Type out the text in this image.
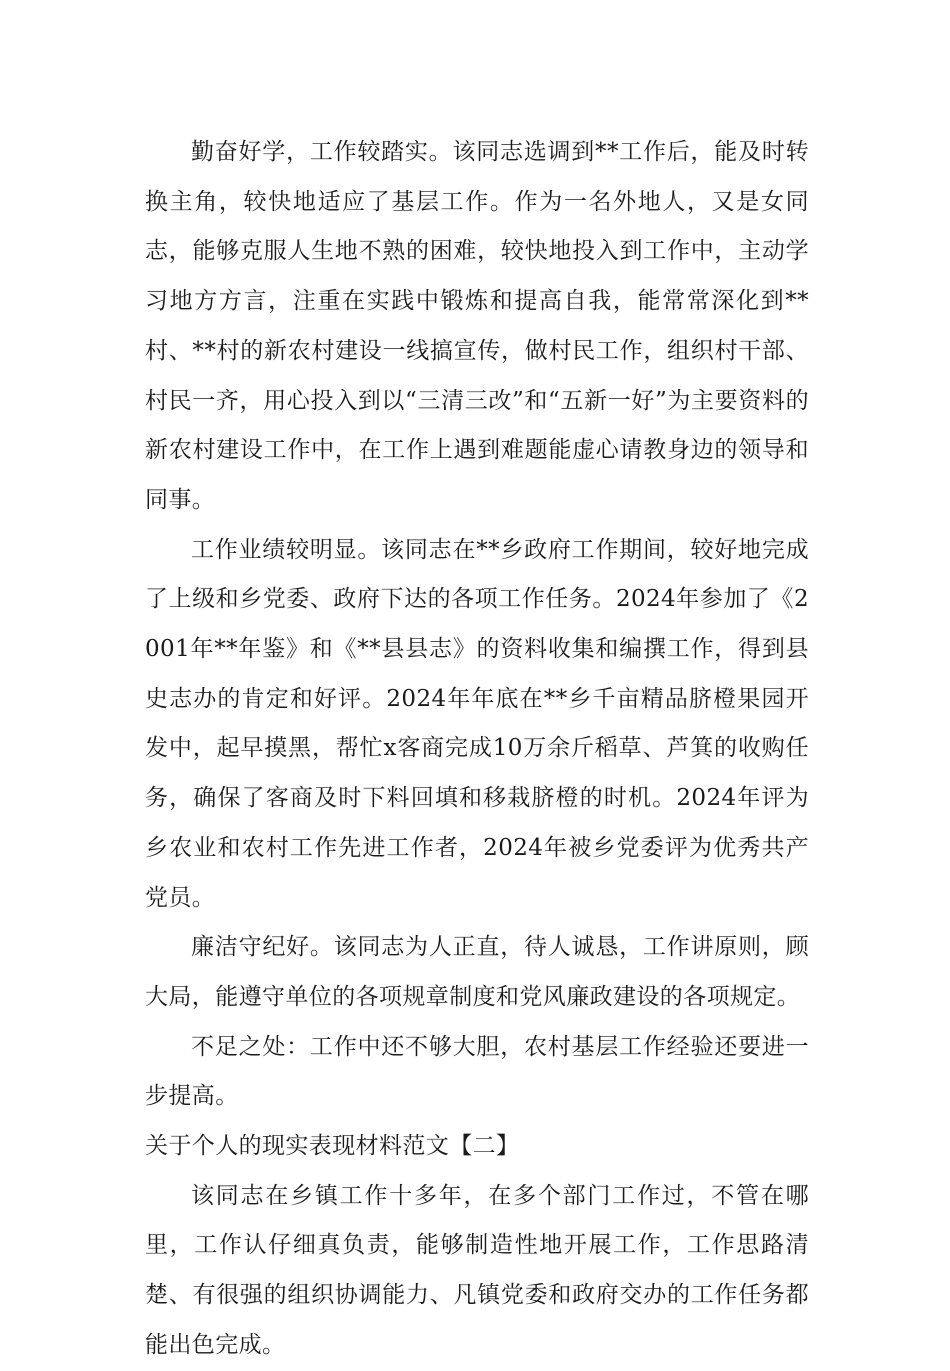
勤奋好学，工作较踏实。该同志选调到**工作后，能及时转换主角，较快地适应了基层工作。作为一名外地人，又是女同志，能够克服人生地不熟的困难，较快地投入到工作中，主动学习地方方言，注重在实践中锻炼和提高自我，能常常深化到**村、**村的新农村建设一线搞宣传，做村民工作，组织村干部、村民一齐，用心投入到以“三清三改”和“五新一好”为主要资料的新农村建设工作中，在工作上遇到难题能虚心请教身边的领导和同事。

工作业绩较明显。该同志在**乡政府工作期间，较好地完成了上级和乡党委、政府下达的各项工作任务。2024年参加了《2001年**年鉴》和《**县县志》的资料收集和编撰工作，得到县史志办的肯定和好评。2024年年底在**乡千亩精品脐橙果园开发中，起早摸黑，帮忙x客商完成10万余斤稻草、芦箕的收购任务，确保了客商及时下料回填和移栽脐橙的时机。2024年评为乡农业和农村工作先进工作者，2024年被乡党委评为优秀共产党员。

廉洁守纪好。该同志为人正直，待人诚恳，工作讲原则，顾大局，能遵守单位的各项规章制度和党风廉政建设的各项规定。

不足之处：工作中还不够大胆，农村基层工作经验还要进一步提高。

关于个人的现实表现材料范文【二】

该同志在乡镇工作十多年，在多个部门工作过，不管在哪里，工作认仔细真负责，能够制造性地开展工作，工作思路清楚、有很强的组织协调能力、凡镇党委和政府交办的工作任务都能出色完成。
